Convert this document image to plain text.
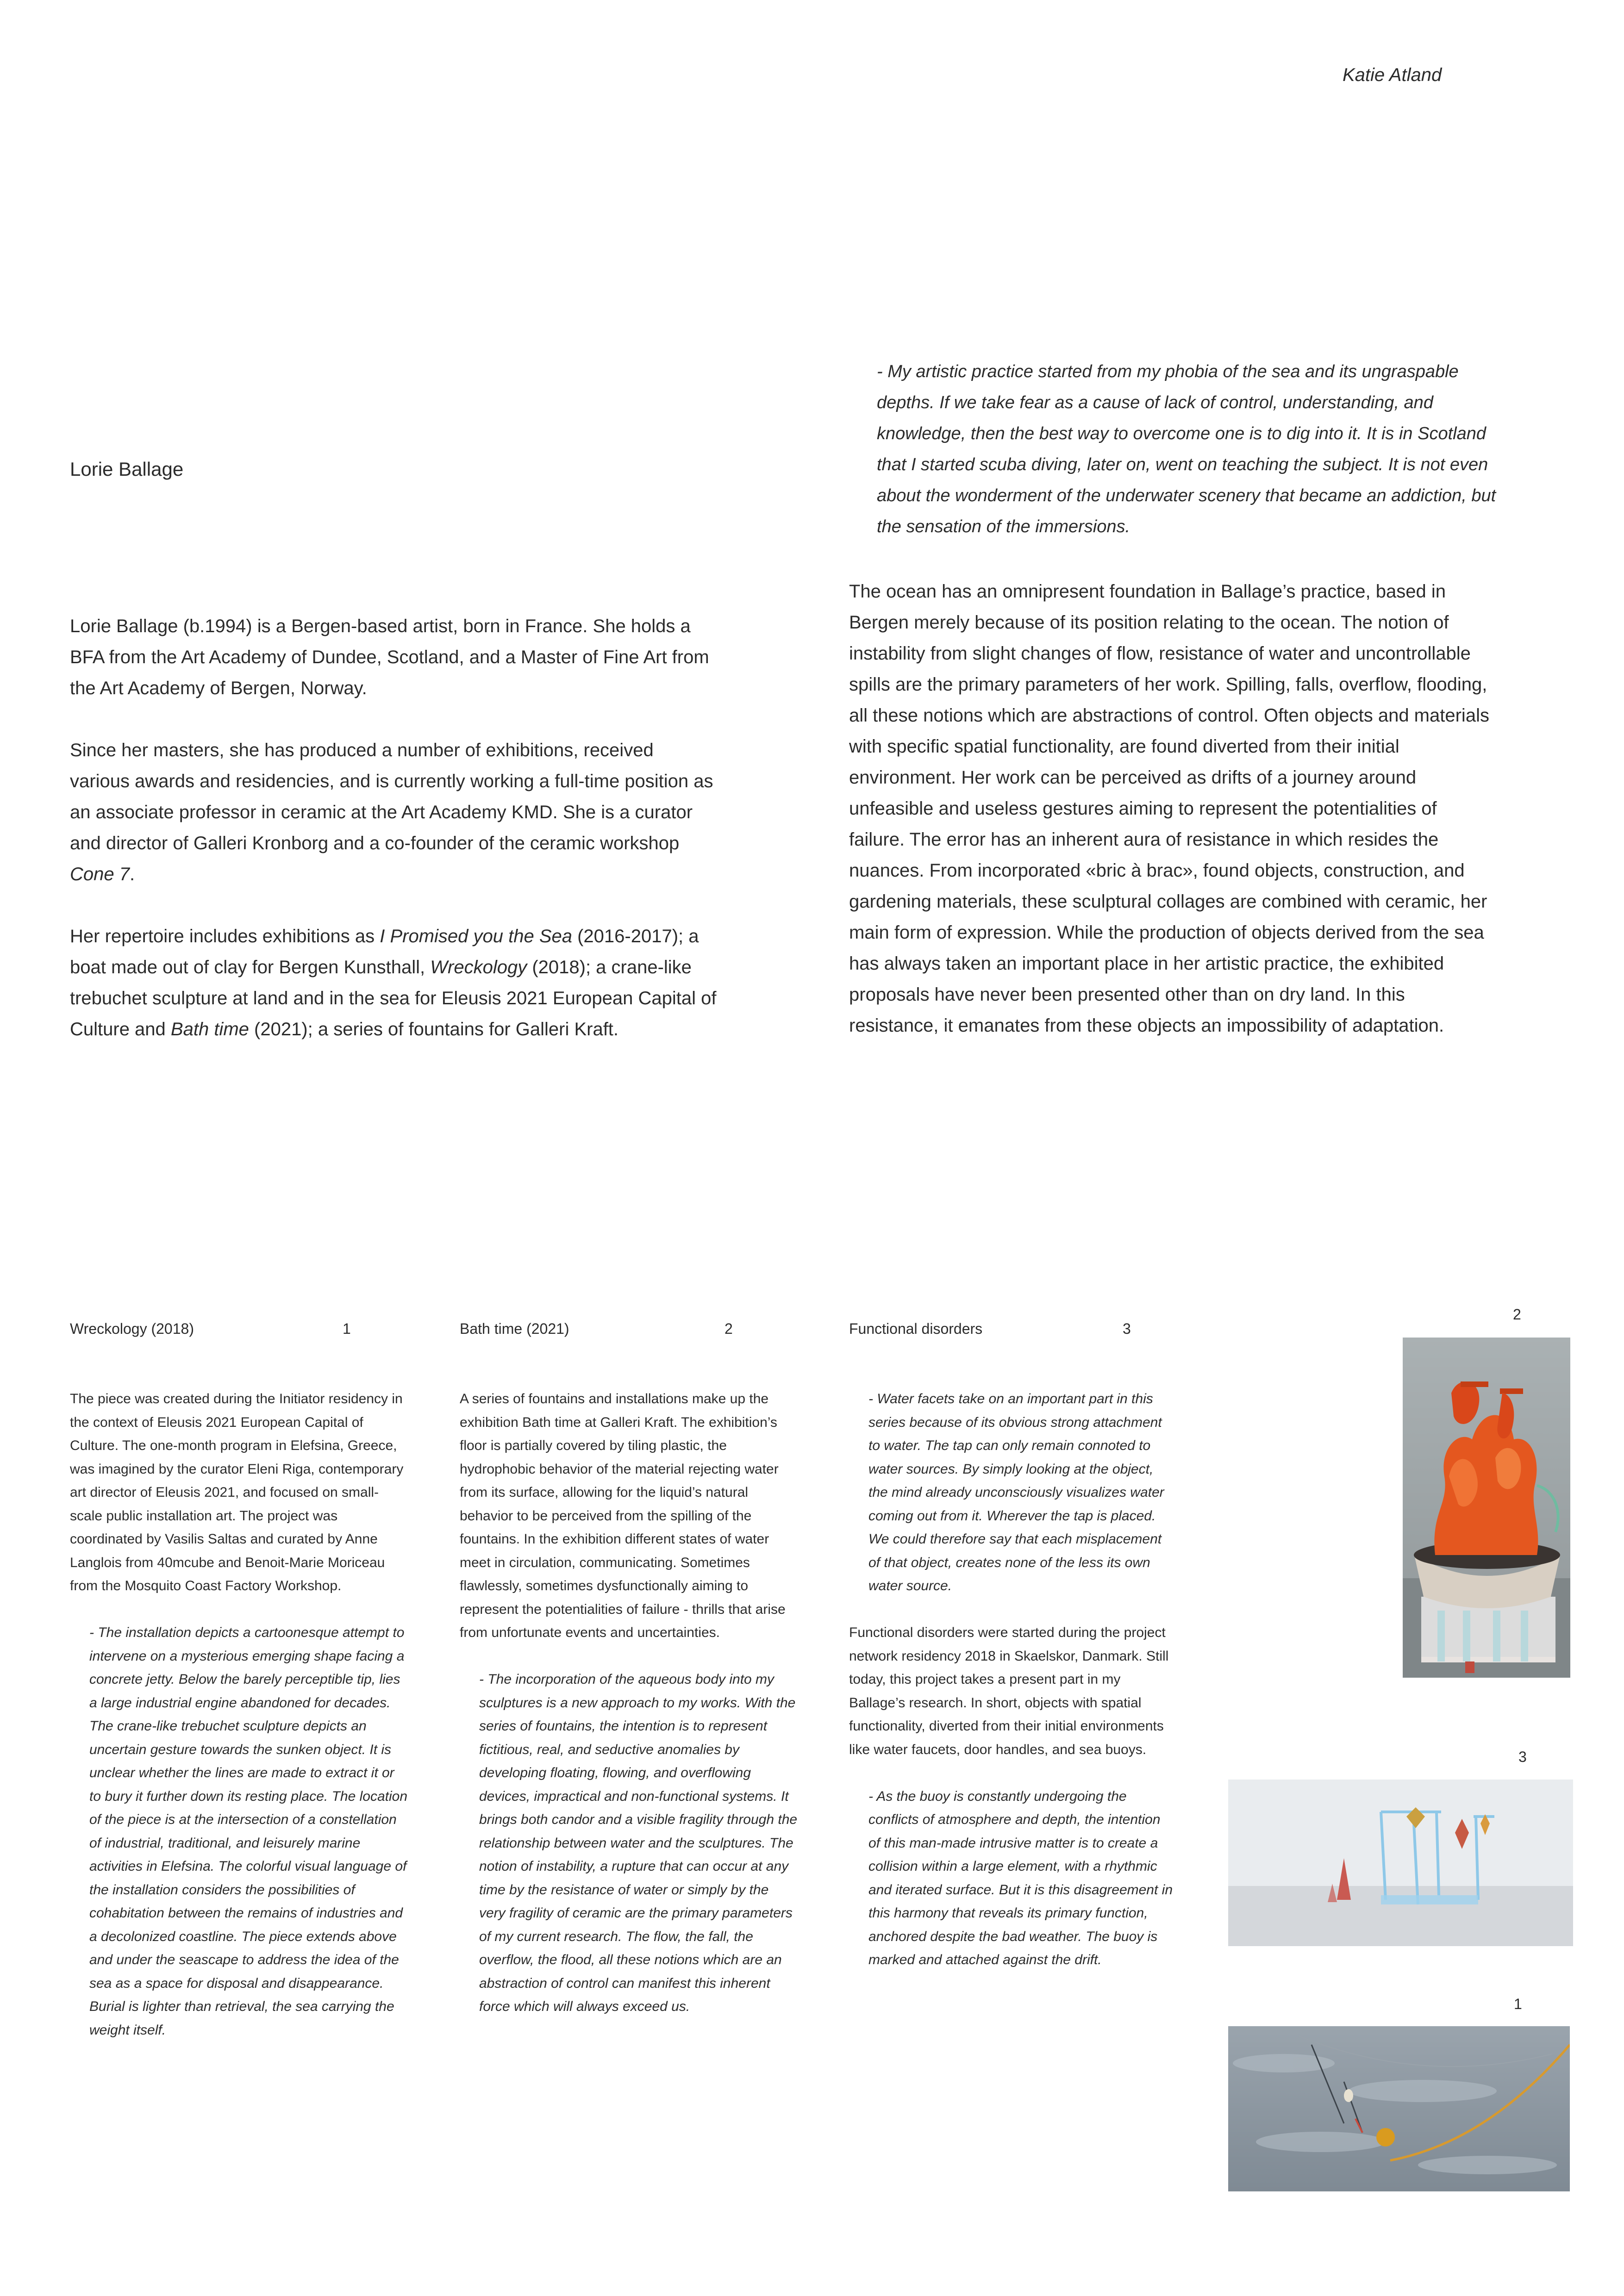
Katie Atland
Lorie Ballage

Lorie Ballage (b.1994) is a Bergen-based artist, born in France. She holds a BFA from the Art Academy of Dundee, Scotland, and a Master of Fine Art from the Art Academy of Bergen, Norway.

Since her masters, she has produced a number of exhibitions, received various awards and residencies, and is currently working a full-time position as an associate professor in ceramic at the Art Academy KMD. She is a curator and director of Galleri Kronborg and a co-founder of the ceramic workshop Cone 7.

Her repertoire includes exhibitions as I Promised you the Sea (2016-2017); a boat made out of clay for Bergen Kunsthall, Wreckology (2018); a crane-like trebuchet sculpture at land and in the sea for Eleusis 2021 European Capital of Culture and Bath time (2021); a series of fountains for Galleri Kraft.

- My artistic practice started from my phobia of the sea and its ungraspable depths. If we take fear as a cause of lack of control, understanding, and knowledge, then the best way to overcome one is to dig into it. It is in Scotland that I started scuba diving, later on, went on teaching the subject. It is not even about the wonderment of the underwater scenery that became an addiction, but the sensation of the immersions.
The ocean has an omnipresent foundation in Ballage’s practice, based in Bergen merely because of its position relating to the ocean. The notion of instability from slight changes of flow, resistance of water and uncontrollable spills are the primary parameters of her work. Spilling, falls, overflow, flooding, all these notions which are abstractions of control. Often objects and materials with specific spatial functionality, are found diverted from their initial environment. Her work can be perceived as drifts of a journey around unfeasible and useless gestures aiming to represent the potentialities of failure. The error has an inherent aura of resistance in which resides the nuances. From incorporated «bric à brac», found objects, construction, and gardening materials, these sculptural collages are combined with ceramic, her main form of expression. While the production of objects derived from the sea has always taken an important place in her artistic practice, the exhibited proposals have never been presented other than on dry land. In this resistance, it emanates from these objects an impossibility of adaptation.
Wreckology (2018)	1	Bath time (2021)	2	Functional disorders	3

The piece was created during the Initiator residency in the context of Eleusis 2021 European Capital of Culture. The one-month program in Elefsina, Greece, was imagined by the curator Eleni Riga, contemporary art director of Eleusis 2021, and focused on small-scale public installation art. The project was coordinated by Vasilis Saltas and curated by Anne Langlois from 40mcube and Benoit-Marie Moriceau from the Mosquito Coast Factory Workshop.

- The installation depicts a cartoonesque attempt to intervene on a mysterious emerging shape facing a concrete jetty. Below the barely perceptible tip, lies a large industrial engine abandoned for decades. The crane-like trebuchet sculpture depicts an uncertain gesture towards the sunken object. It is unclear whether the lines are made to extract it or to bury it further down its resting place. The location of the piece is at the intersection of a constellation of industrial, traditional, and leisurely marine activities in Elefsina. The colorful visual language of the installation considers the possibilities of cohabitation between the remains of industries and a decolonized coastline. The piece extends above and under the seascape to address the idea of the sea as a space for disposal and disappearance. Burial is lighter than retrieval, the sea carrying the weight itself.

A series of fountains and installations make up the exhibition Bath time at Galleri Kraft. The exhibition’s floor is partially covered by tiling plastic, the hydrophobic behavior of the material rejecting water from its surface, allowing for the liquid’s natural behavior to be perceived from the spilling of the fountains. In the exhibition different states of water meet in circulation, communicating. Sometimes flawlessly, sometimes dysfunctionally aiming to represent the potentialities of failure - thrills that arise from unfortunate events and uncertainties.

- The incorporation of the aqueous body into my sculptures is a new approach to my works. With the series of fountains, the intention is to represent fictitious, real, and seductive anomalies by developing floating, flowing, and overflowing devices, impractical and non-functional systems. It brings both candor and a visible fragility through the relationship between water and the sculptures. The notion of instability, a rupture that can occur at any time by the resistance of water or simply by the very fragility of ceramic are the primary parameters of my current research. The flow, the fall, the overflow, the flood, all these notions which are an abstraction of control can manifest this inherent force which will always exceed us.

- Water facets take on an important part in this series because of its obvious strong attachment to water. The tap can only remain connoted to water sources. By simply looking at the object, the mind already unconsciously visualizes water coming out from it. Wherever the tap is placed. We could therefore say that each misplacement of that object, creates none of the less its own water source.

Functional disorders were started during the project network residency 2018 in Skaelskor, Danmark. Still today, this project takes a present part in my Ballage’s research. In short, objects with spatial functionality, diverted from their initial environments like water faucets, door handles, and sea buoys.

- As the buoy is constantly undergoing the conflicts of atmosphere and depth, the intention of this man-made intrusive matter is to create a collision within a large element, with a rhythmic and iterated surface. But it is this disagreement in this harmony that reveals its primary function, anchored despite the bad weather. The buoy is marked and attached against the drift.

2
3
1
